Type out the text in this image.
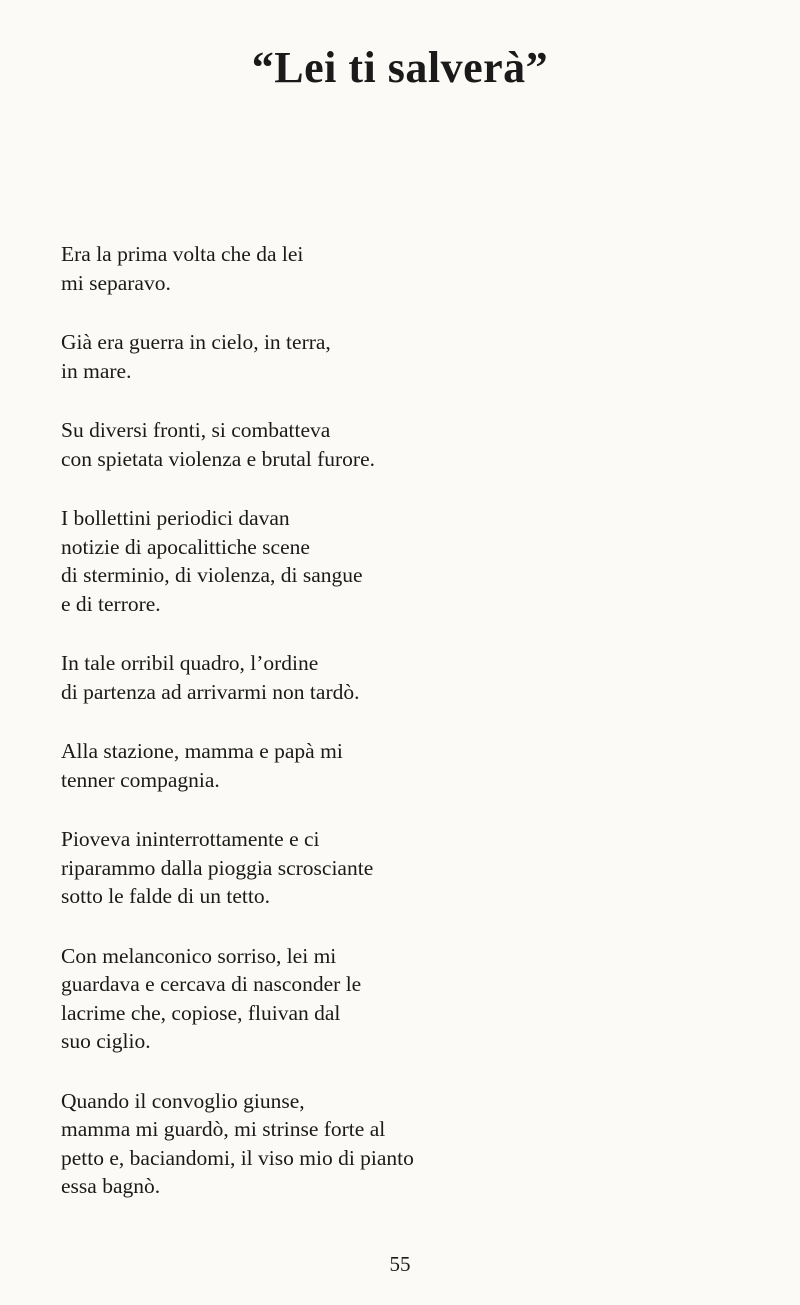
“Lei ti salverà”

Era la prima volta che da lei
mi separavo.

Già era guerra in cielo, in terra,
in mare.

Su diversi fronti, si combatteva
con spietata violenza e brutal furore.

I bollettini periodici davan
notizie di apocalittiche scene
di sterminio, di violenza, di sangue
e di terrore.

In tale orribil quadro, l’ordine
di partenza ad arrivarmi non tardò.

Alla stazione, mamma e papà mi
tenner compagnia.

Pioveva ininterrottamente e ci
riparammo dalla pioggia scrosciante
sotto le falde di un tetto.

Con melanconico sorriso, lei mi
guardava e cercava di nasconder le
lacrime che, copiose, fluivan dal
suo ciglio.

Quando il convoglio giunse,
mamma mi guardò, mi strinse forte al
petto e, baciandomi, il viso mio di pianto
essa bagnò.

55
